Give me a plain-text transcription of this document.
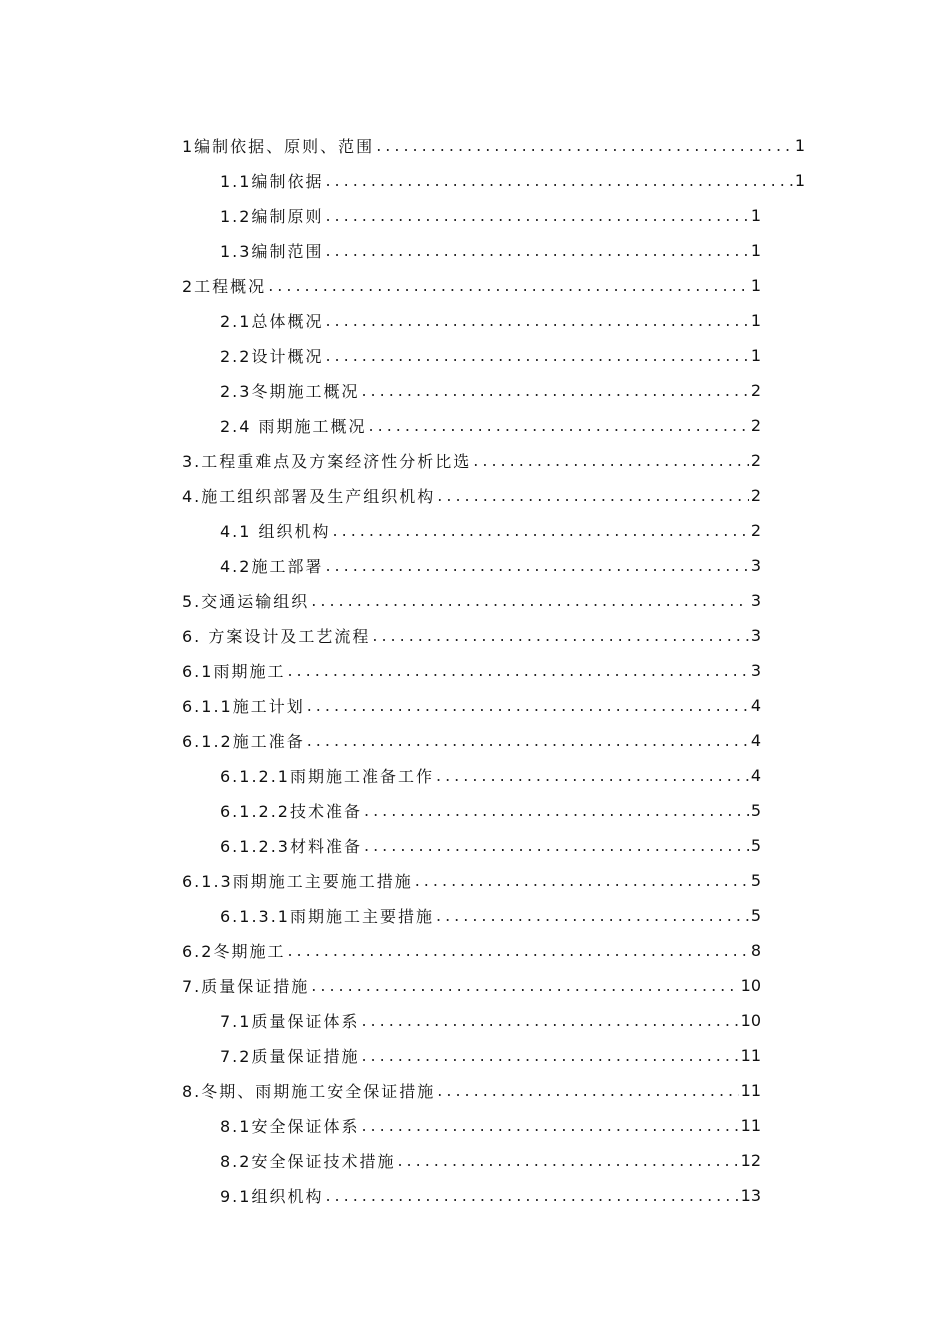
1编制依据、原则、范围 .....	1
1.1编制依据 .....	1
1.2编制原则 .....	1
1.3编制范围 .....	1
2工程概况 .....	1
2.1总体概况 .....	1
2.2设计概况 .....	1
2.3冬期施工概况 .....	2
2.4 雨期施工概况 .....	2
3.工程重难点及方案经济性分析比选 .....	2
4.施工组织部署及生产组织机构 .....	2
4.1 组织机构 .....	2
4.2施工部署 .....	3
5.交通运输组织 .....	3
6. 方案设计及工艺流程 .....	3
6.1雨期施工 .....	3
6.1.1施工计划 .....	4
6.1.2施工准备 .....	4
6.1.2.1雨期施工准备工作 .....	4
6.1.2.2技术准备 .....	5
6.1.2.3材料准备 .....	5
6.1.3雨期施工主要施工措施 .....	5
6.1.3.1雨期施工主要措施 .....	5
6.2冬期施工 .....	8
7.质量保证措施 .....	10
7.1质量保证体系 .....	10
7.2质量保证措施 .....	11
8.冬期、雨期施工安全保证措施 .....	11
8.1安全保证体系 .....	11
8.2安全保证技术措施 .....	12
9.1组织机构 .....	13
